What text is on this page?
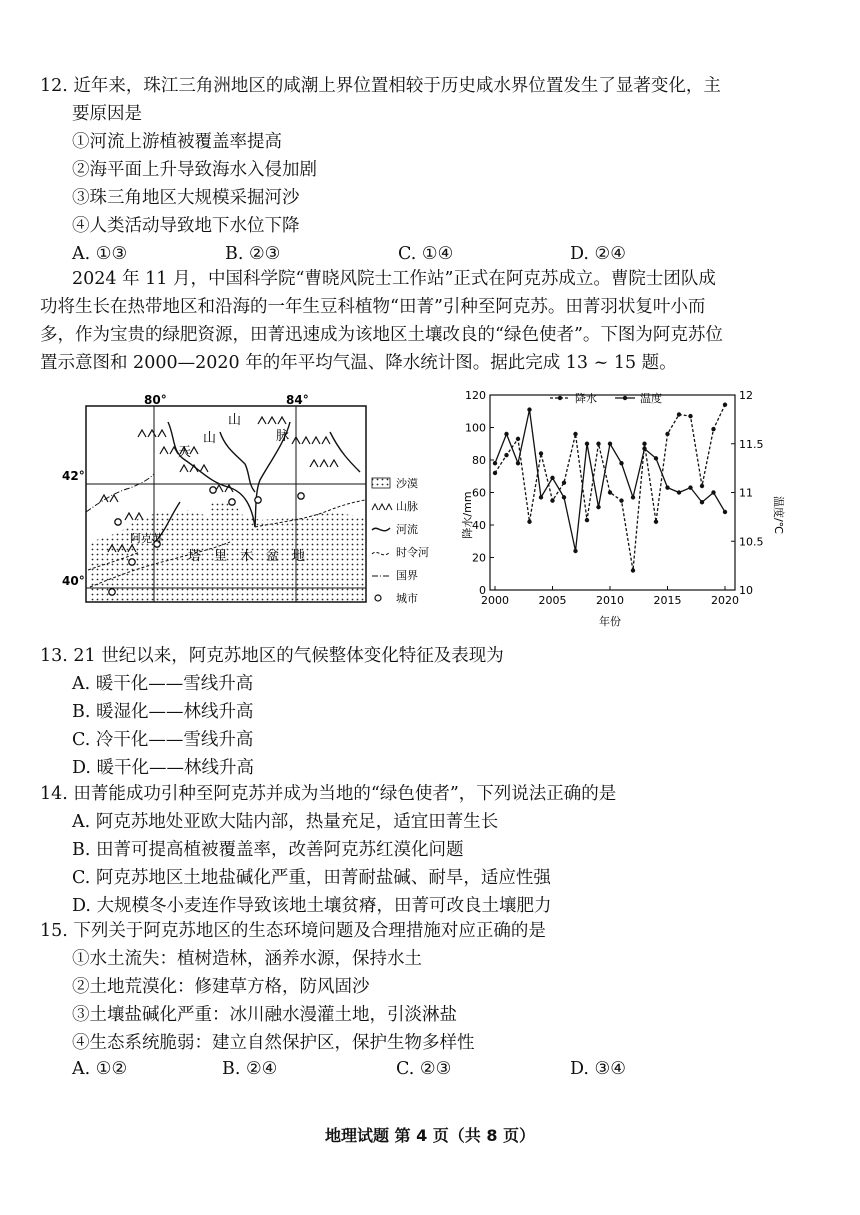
12. 近年来，珠江三角洲地区的咸潮上界位置相较于历史咸水界位置发生了显著变化，主
要原因是
①河流上游植被覆盖率提高
②海平面上升导致海水入侵加剧
③珠三角地区大规模采掘河沙
④人类活动导致地下水位下降
A. ①③	B. ②③	C. ①④	D. ②④
2024 年 11 月，中国科学院“曹晓风院士工作站”正式在阿克苏成立。曹院士团队成
功将生长在热带地区和沿海的一年生豆科植物“田菁”引种至阿克苏。田菁羽状复叶小而
多，作为宝贵的绿肥资源，田菁迅速成为该地区土壤改良的“绿色使者”。下图为阿克苏位
置示意图和 2000—2020 年的年平均气温、降水统计图。据此完成 13 ~ 15 题。
80°	84°
42°
40°
天
山
山
脉
塔　里　木　盆　地
阿克苏
沙漠
山脉
河流
时令河
国界
城市
0
20
40
60
80
100
120
10
10.5
11
11.5
12
2000	2005	2010	2015	2020
降水	温度
降水/mm	温度/℃
年份
13. 21 世纪以来，阿克苏地区的气候整体变化特征及表现为
A. 暖干化——雪线升高
B. 暖湿化——林线升高
C. 冷干化——雪线升高
D. 暖干化——林线升高
14. 田菁能成功引种至阿克苏并成为当地的“绿色使者”，下列说法正确的是
A. 阿克苏地处亚欧大陆内部，热量充足，适宜田菁生长
B. 田菁可提高植被覆盖率，改善阿克苏红漠化问题
C. 阿克苏地区土地盐碱化严重，田菁耐盐碱、耐旱，适应性强
D. 大规模冬小麦连作导致该地土壤贫瘠，田菁可改良土壤肥力
15. 下列关于阿克苏地区的生态环境问题及合理措施对应正确的是
①水土流失：植树造林，涵养水源，保持水土
②土地荒漠化：修建草方格，防风固沙
③土壤盐碱化严重：冰川融水漫灌土地，引淡淋盐
④生态系统脆弱：建立自然保护区，保护生物多样性
A. ①②	B. ②④	C. ②③	D. ③④
地理试题 第 4 页（共 8 页）
